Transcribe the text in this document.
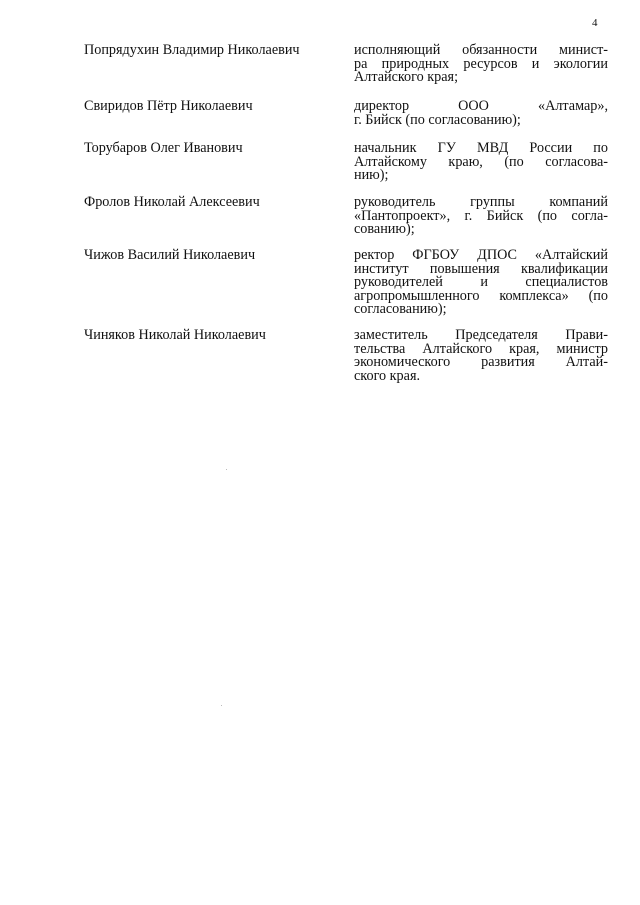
4
Попрядухин Владимир Николаевич	исполняющий обязанности минист-
ра природных ресурсов и экологии
Алтайского края;
Свиридов Пётр Николаевич	директор ООО «Алтамар»,
г. Бийск (по согласованию);
Торубаров Олег Иванович	начальник ГУ МВД России по
Алтайскому краю, (по согласова-
нию);
Фролов Николай Алексеевич	руководитель группы компаний
«Пантопроект», г. Бийск (по согла-
сованию);
Чижов Василий Николаевич	ректор ФГБОУ ДПОС «Алтайский
институт повышения квалификации
руководителей и специалистов
агропромышленного комплекса» (по
согласованию);
Чиняков Николай Николаевич	заместитель Председателя Прави-
тельства Алтайского края, министр
экономического развития Алтай-
ского края.
